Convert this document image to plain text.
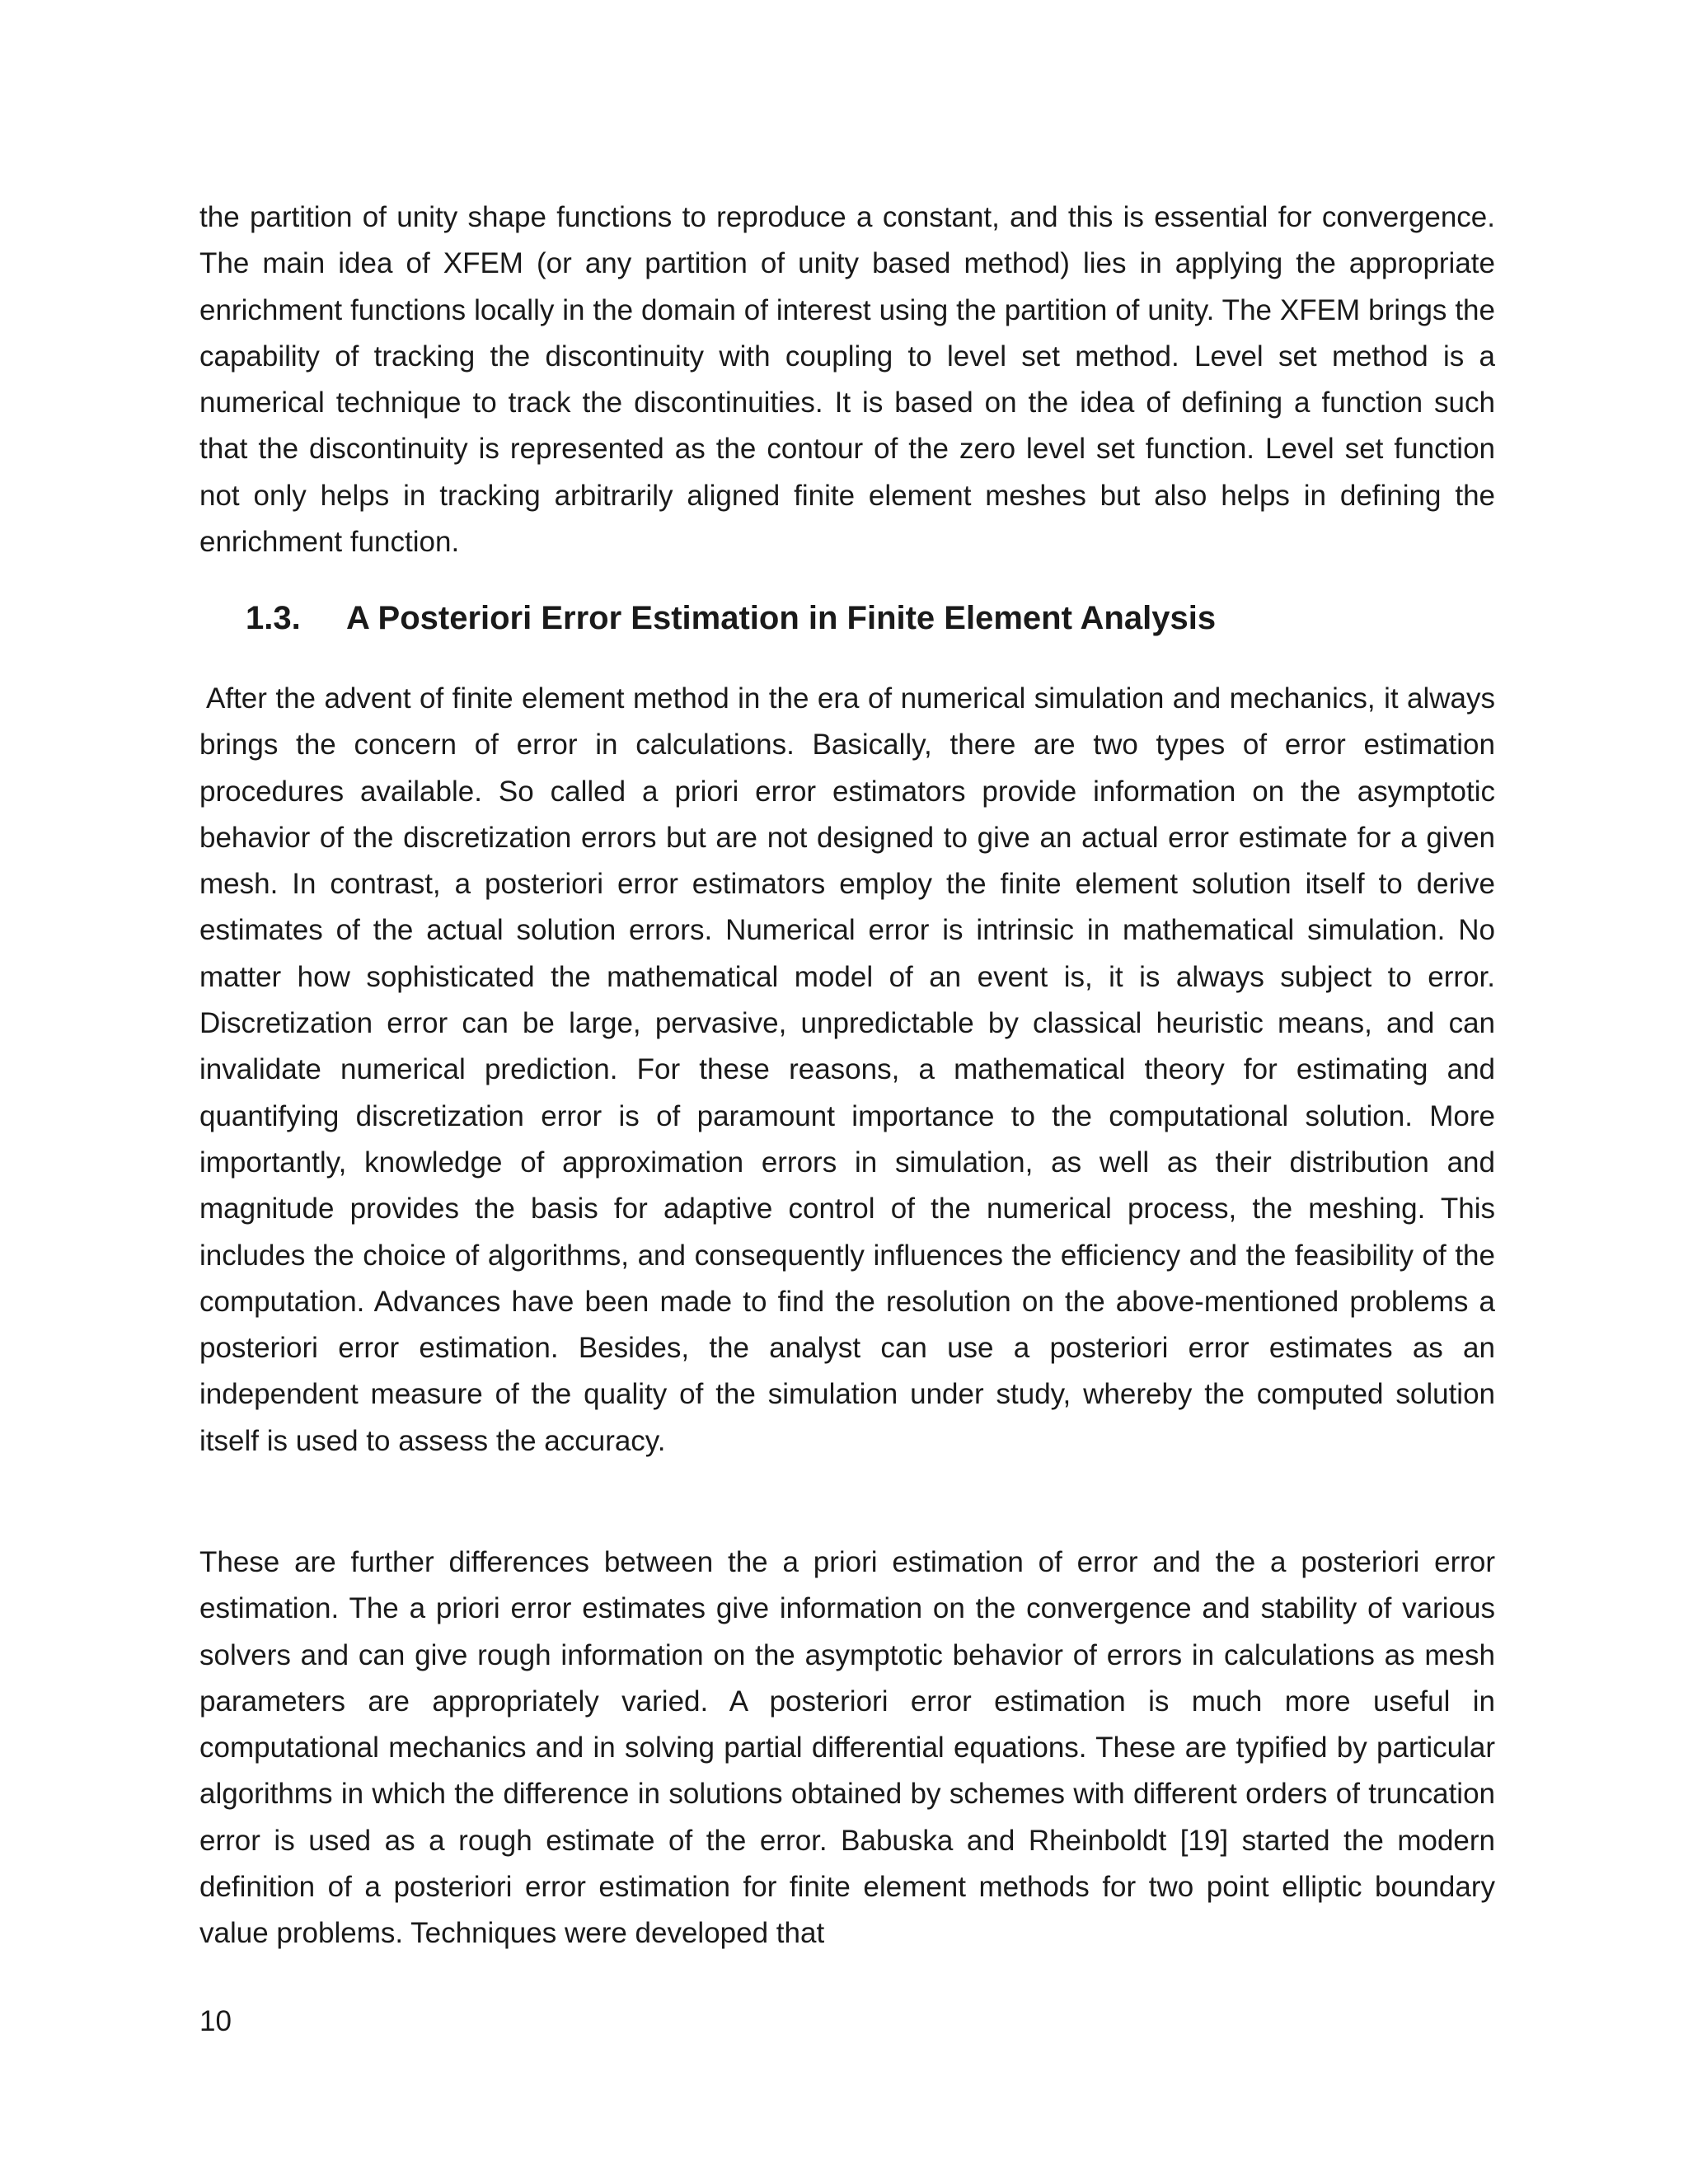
the partition of unity shape functions to reproduce a constant, and this is essential for convergence. The main idea of XFEM (or any partition of unity based method) lies in applying the appropriate enrichment functions locally in the domain of interest using the partition of unity. The XFEM brings the capability of tracking the discontinuity with coupling to level set method. Level set method is a numerical technique to track the discontinuities. It is based on the idea of defining a function such that the discontinuity is represented as the contour of the zero level set function. Level set function not only helps in tracking arbitrarily aligned finite element meshes but also helps in defining the enrichment function.

1.3. A Posteriori Error Estimation in Finite Element Analysis

After the advent of finite element method in the era of numerical simulation and mechanics, it always brings the concern of error in calculations. Basically, there are two types of error estimation procedures available. So called a priori error estimators provide information on the asymptotic behavior of the discretization errors but are not designed to give an actual error estimate for a given mesh. In contrast, a posteriori error estimators employ the finite element solution itself to derive estimates of the actual solution errors. Numerical error is intrinsic in mathematical simulation. No matter how sophisticated the mathematical model of an event is, it is always subject to error. Discretization error can be large, pervasive, unpredictable by classical heuristic means, and can invalidate numerical prediction. For these reasons, a mathematical theory for estimating and quantifying discretization error is of paramount importance to the computational solution. More importantly, knowledge of approximation errors in simulation, as well as their distribution and magnitude provides the basis for adaptive control of the numerical process, the meshing. This includes the choice of algorithms, and consequently influences the efficiency and the feasibility of the computation. Advances have been made to find the resolution on the above-mentioned problems a posteriori error estimation. Besides, the analyst can use a posteriori error estimates as an independent measure of the quality of the simulation under study, whereby the computed solution itself is used to assess the accuracy.

These are further differences between the a priori estimation of error and the a posteriori error estimation. The a priori error estimates give information on the convergence and stability of various solvers and can give rough information on the asymptotic behavior of errors in calculations as mesh parameters are appropriately varied. A posteriori error estimation is much more useful in computational mechanics and in solving partial differential equations. These are typified by particular algorithms in which the difference in solutions obtained by schemes with different orders of truncation error is used as a rough estimate of the error. Babuska and Rheinboldt [19] started the modern definition of a posteriori error estimation for finite element methods for two point elliptic boundary value problems. Techniques were developed that

10
